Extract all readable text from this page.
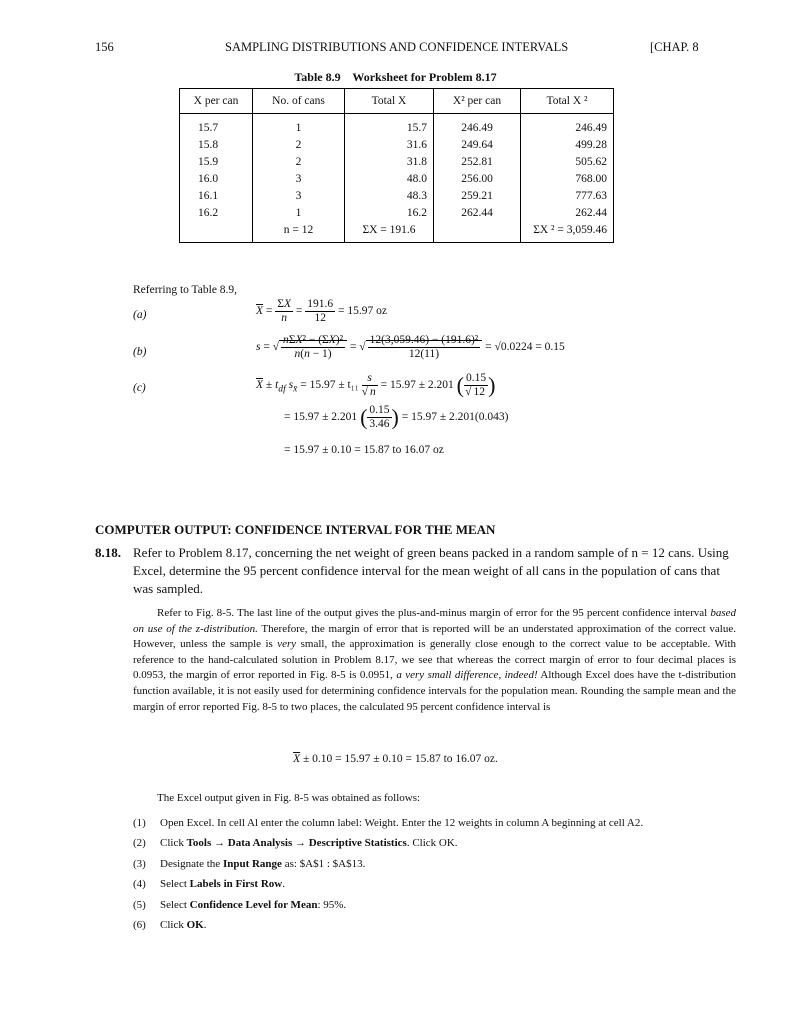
156	SAMPLING DISTRIBUTIONS AND CONFIDENCE INTERVALS	[CHAP. 8
Table 8.9    Worksheet for Problem 8.17
X per can	No. of cans	Total X	X² per can	Total X ²
15.7	1	15.7	246.49	246.49
15.8	2	31.6	249.64	499.28
15.9	2	31.8	252.81	505.62
16.0	3	48.0	256.00	768.00
16.1	3	48.3	259.21	777.63
16.2	1	16.2	262.44	262.44
	n = 12	ΣX = 191.6		ΣX ² = 3,059.46
Referring to Table 8.9,
(a)	$\overline{X} = \frac{\Sigma X}{n} = \frac{191.6}{12} = 15.97$ oz
(b)	s = √ $\frac{\text{nΣX² − (ΣX)²}}{n(n - 1)}$ = √ $\frac{\text{12(3,059.46) − (191.6)²}}{12(11)} = √0.0224 = 0.15$
(c)	$\overline{X} \pm t_{df}$ $s_{x̄} = 15.97 \pm t_{11} \frac{s}{√ n} = 15.97 \pm 2.201$ ( $\frac{0.15}{√ 12}$ )
= 15.97 ± 2.201 ( $\frac{0.15}{3.46}$ ) = 15.97 ± 2.201(0.043)
= 15.97 ± 0.10 = 15.87 to 16.07 oz
COMPUTER OUTPUT: CONFIDENCE INTERVAL FOR THE MEAN
8.18. Refer to Problem 8.17, concerning the net weight of green beans packed in a random sample of n = 12 cans. Using Excel, determine the 95 percent confidence interval for the mean weight of all cans in the population of cans that was sampled.
Refer to Fig. 8-5. The last line of the output gives the plus-and-minus margin of error for the 95 percent confidence interval based on use of the z-distribution. Therefore, the margin of error that is reported will be an understated approximation of the correct value. However, unless the sample is very small, the approximation is generally close enough to the correct value to be acceptable. With reference to the hand-calculated solution in Problem 8.17, we see that whereas the correct margin of error to four decimal places is 0.0953, the margin of error reported in Fig. 8-5 is 0.0951, a very small difference, indeed! Although Excel does have the t-distribution function available, it is not easily used for determining confidence intervals for the population mean. Rounding the sample mean and the margin of error reported Fig. 8-5 to two places, the calculated 95 percent confidence interval is
$\overline{X} \pm 0.10 = 15.97 \pm 0.10 = 15.87$ to 16.07 oz.
The Excel output given in Fig. 8-5 was obtained as follows:
(1) Open Excel. In cell Al enter the column label: Weight. Enter the 12 weights in column A beginning at cell A2.
(2) Click Tools → Data Analysis → Descriptive Statistics. Click OK.
(3) Designate the Input Range as: $A$1 : $A$13.
(4) Select Labels in First Row.
(5) Select Confidence Level for Mean: 95%.
(6) Click OK.
